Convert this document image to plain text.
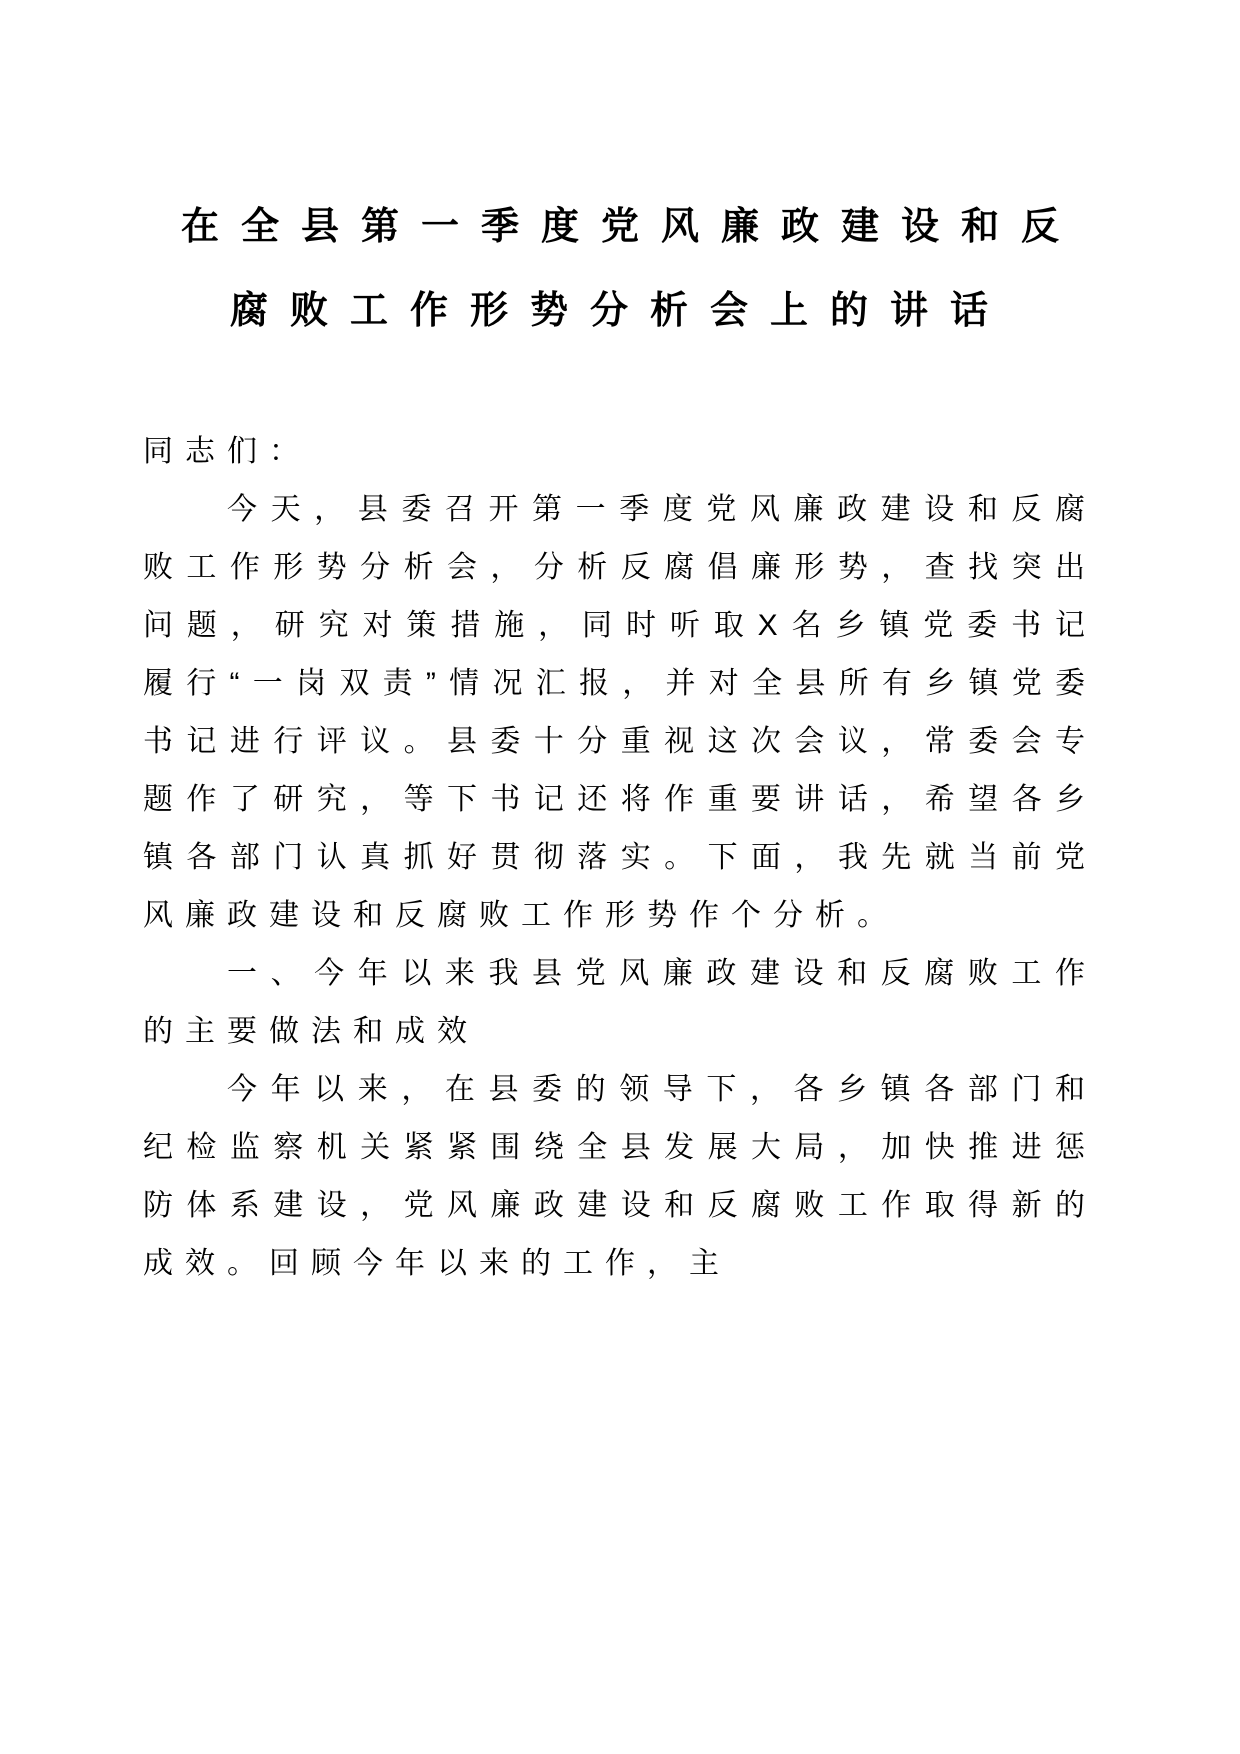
在全县第一季度党风廉政建设和反腐败工作形势分析会上的讲话

同志们：

今天，县委召开第一季度党风廉政建设和反腐败工作形势分析会，分析反腐倡廉形势，查找突出问题，研究对策措施，同时听取X名乡镇党委书记履行“一岗双责”情况汇报，并对全县所有乡镇党委书记进行评议。县委十分重视这次会议，常委会专题作了研究，等下书记还将作重要讲话，希望各乡镇各部门认真抓好贯彻落实。下面，我先就当前党风廉政建设和反腐败工作形势作个分析。

一、今年以来我县党风廉政建设和反腐败工作的主要做法和成效

今年以来，在县委的领导下，各乡镇各部门和纪检监察机关紧紧围绕全县发展大局，加快推进惩防体系建设，党风廉政建设和反腐败工作取得新的成效。回顾今年以来的工作，主
